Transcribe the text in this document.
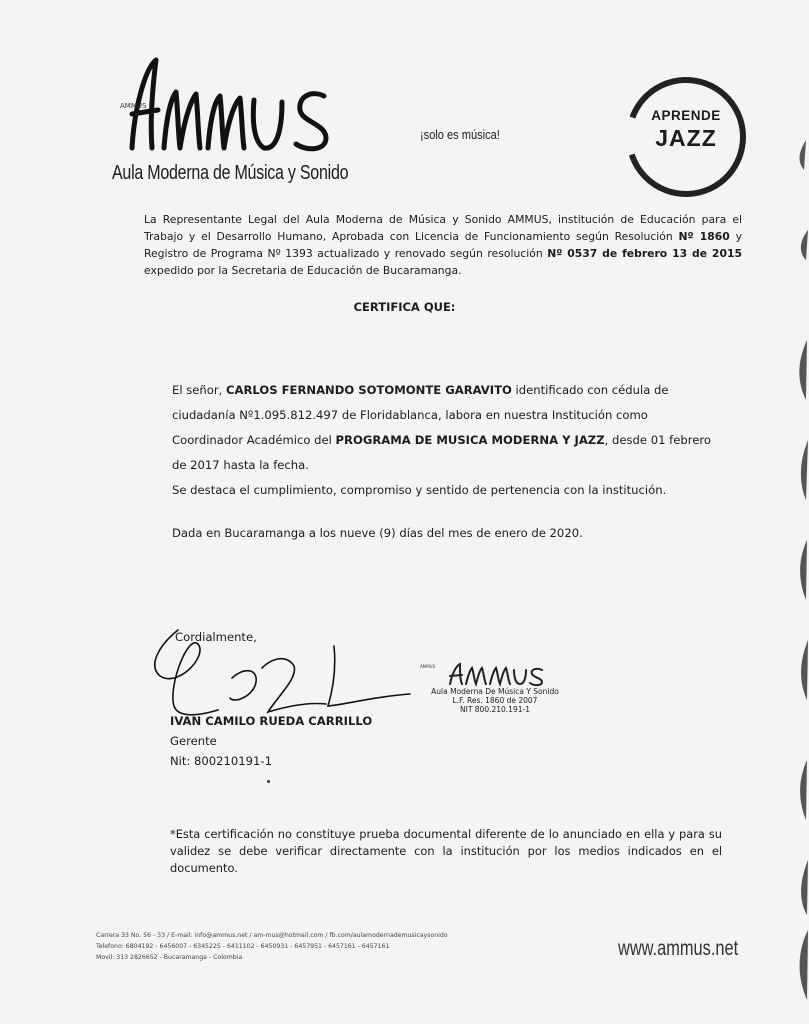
AMMUS
Aula Moderna de Música y Sonido
¡solo es música!
APRENDE
JAZZ
La Representante Legal del Aula Moderna de Música y Sonido AMMUS, institución de Educación para el Trabajo y el Desarrollo Humano, Aprobada con Licencia de Funcionamiento según Resolución Nº 1860 y Registro de Programa Nº 1393 actualizado y renovado según resolución Nº 0537 de febrero 13 de 2015 expedido por la Secretaria de Educación de Bucaramanga.
CERTIFICA QUE:
El señor, CARLOS FERNANDO SOTOMONTE GARAVITO identificado con cédula de ciudadanía Nº1.095.812.497 de Floridablanca, labora en nuestra Institución como Coordinador Académico del PROGRAMA DE MUSICA MODERNA Y JAZZ, desde 01 febrero de 2017 hasta la fecha.
Se destaca el cumplimiento, compromiso y sentido de pertenencia con la institución.
Dada en Bucaramanga a los nueve (9) días del mes de enero de 2020.
Cordialmente,
IVAN CAMILO RUEDA CARRILLO
Gerente
Nit: 800210191-1
AMMUS
Aula Moderna De Música Y Sonido
L.F. Res. 1860 de 2007
NIT 800.210.191-1
*Esta certificación no constituye prueba documental diferente de lo anunciado en ella y para su validez se debe verificar directamente con la institución por los medios indicados en el documento.
Carrera 33 No. 56 - 33 / E-mail: info@ammus.net / am-mus@hotmail.com / fb.com/aulamodernademusicaysonido
Telefono: 6804192 - 6456007 - 6345225 - 6411102 - 6450931 - 6457951 - 6457161 - 6457161
Movil: 313 2826652 - Bucaramanga - Colombia	www.ammus.net
